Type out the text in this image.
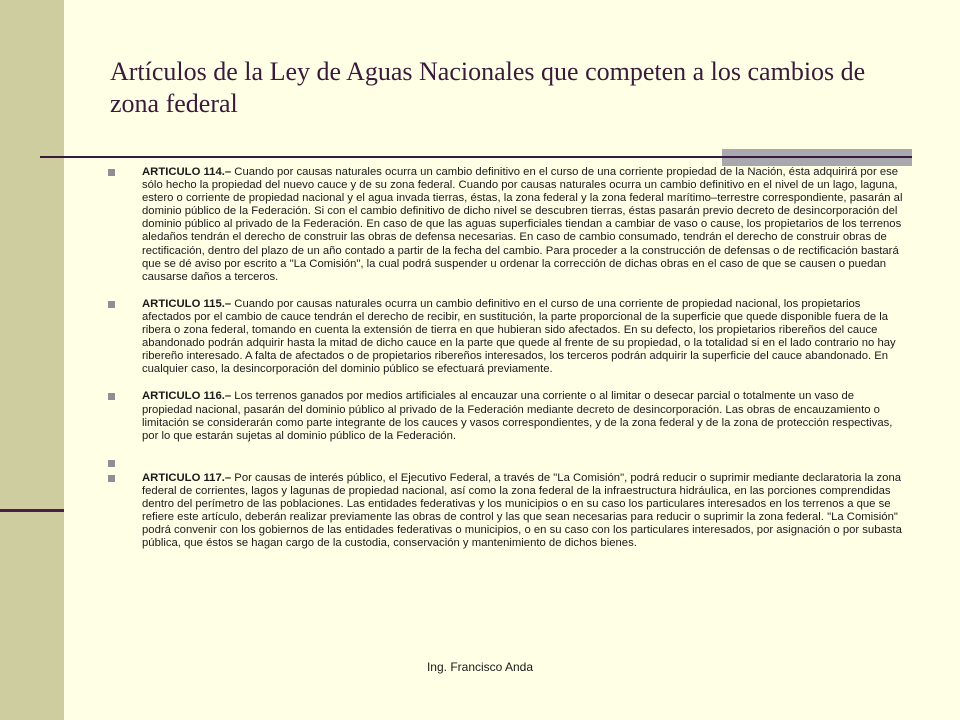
Artículos de la Ley de Aguas Nacionales que competen a los cambios de zona federal
ARTICULO 114.– Cuando por causas naturales ocurra un cambio definitivo en el curso de una corriente propiedad de la Nación, ésta adquirirá por ese sólo hecho la propiedad del nuevo cauce y de su zona federal. Cuando por causas naturales ocurra un cambio definitivo en el nivel de un lago, laguna, estero o corriente de propiedad nacional y el agua invada tierras, éstas, la zona federal y la zona federal marítimo–terrestre correspondiente, pasarán al dominio público de la Federación. Si con el cambio definitivo de dicho nivel se descubren tierras, éstas pasarán previo decreto de desincorporación del dominio público al privado de la Federación. En caso de que las aguas superficiales tiendan a cambiar de vaso o cause, los propietarios de los terrenos aledaños tendrán el derecho de construir las obras de defensa necesarias. En caso de cambio consumado, tendrán el derecho de construir obras de rectificación, dentro del plazo de un año contado a partir de la fecha del cambio. Para proceder a la construcción de defensas o de rectificación bastará que se dé aviso por escrito a "La Comisión", la cual podrá suspender u ordenar la corrección de dichas obras en el caso de que se causen o puedan causarse daños a terceros.
ARTICULO 115.– Cuando por causas naturales ocurra un cambio definitivo en el curso de una corriente de propiedad nacional, los propietarios afectados por el cambio de cauce tendrán el derecho de recibir, en sustitución, la parte proporcional de la superficie que quede disponible fuera de la ribera o zona federal, tomando en cuenta la extensión de tierra en que hubieran sido afectados. En su defecto, los propietarios ribereños del cauce abandonado podrán adquirir hasta la mitad de dicho cauce en la parte que quede al frente de su propiedad, o la totalidad si en el lado contrario no hay ribereño interesado. A falta de afectados o de propietarios ribereños interesados, los terceros podrán adquirir la superficie del cauce abandonado. En cualquier caso, la desincorporación del dominio público se efectuará previamente.
ARTICULO 116.– Los terrenos ganados por medios artificiales al encauzar una corriente o al limitar o desecar parcial o totalmente un vaso de propiedad nacional, pasarán del dominio público al privado de la Federación mediante decreto de desincorporación. Las obras de encauzamiento o limitación se considerarán como parte integrante de los cauces y vasos correspondientes, y de la zona federal y de la zona de protección respectivas, por lo que estarán sujetas al dominio público de la Federación.
ARTICULO 117.– Por causas de interés público, el Ejecutivo Federal, a través de "La Comisión", podrá reducir o suprimir mediante declaratoria la zona federal de corrientes, lagos y lagunas de propiedad nacional, así como la zona federal de la infraestructura hidráulica, en las porciones comprendidas dentro del perímetro de las poblaciones. Las entidades federativas y los municipios o en su caso los particulares interesados en los terrenos a que se refiere este artículo, deberán realizar previamente las obras de control y las que sean necesarias para reducir o suprimir la zona federal. "La Comisión" podrá convenir con los gobiernos de las entidades federativas o municipios, o en su caso con los particulares interesados, por asignación o por subasta pública, que éstos se hagan cargo de la custodia, conservación y mantenimiento de dichos bienes.
Ing. Francisco Anda
